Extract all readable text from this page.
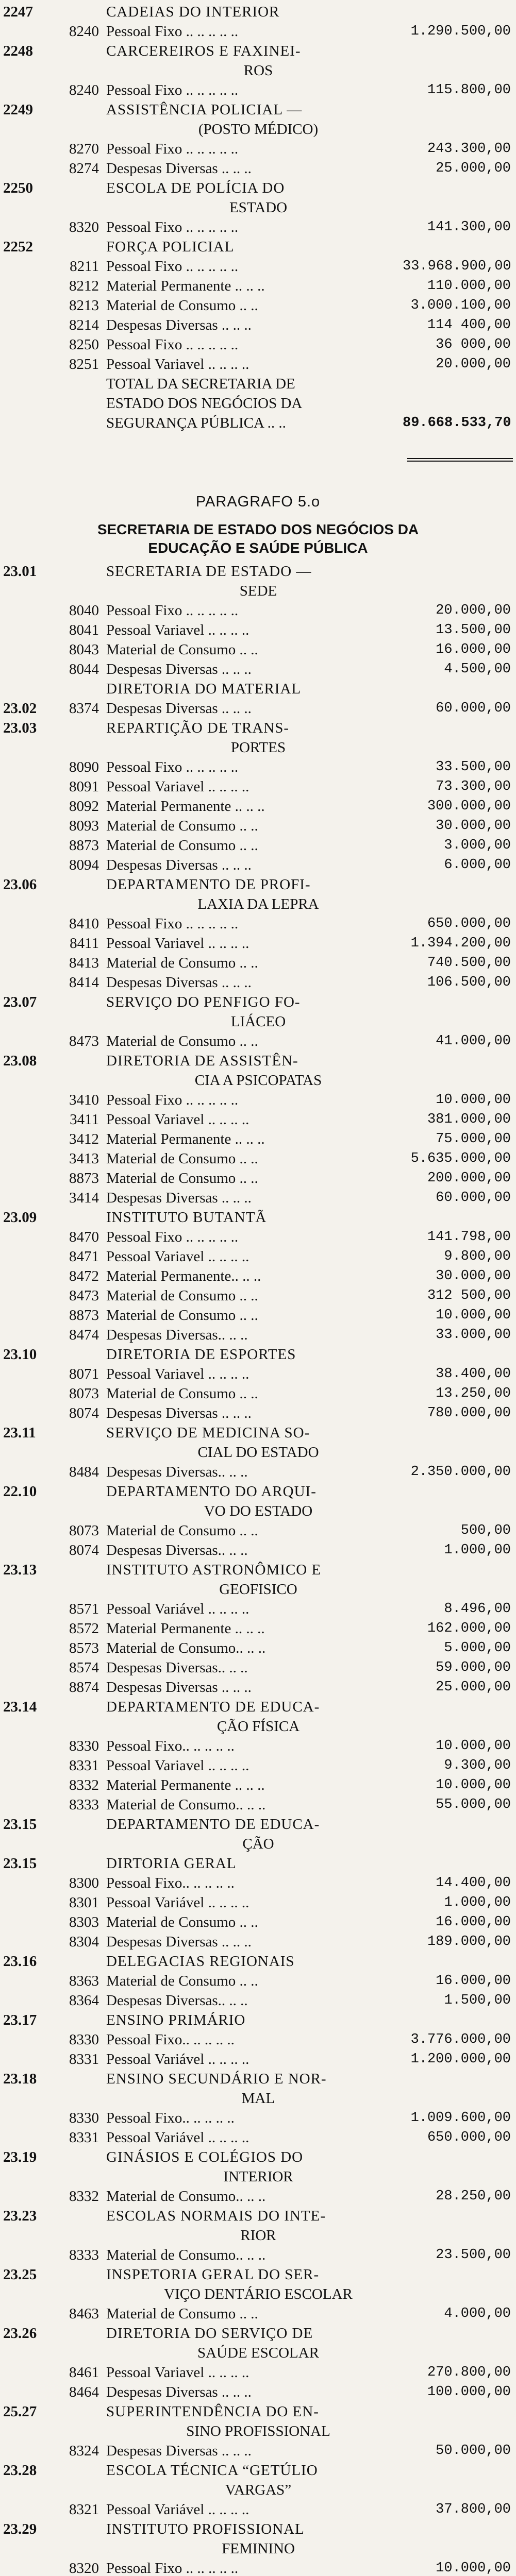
2247	CADEIAS DO INTERIOR
8240 Pessoal Fixo .. .. .. .. ..	1.290.500,00
2248	CARCEREIROS E FAXINEI-
ROS
8240 Pessoal Fixo .. .. .. .. ..	115.800,00
2249	ASSISTÊNCIA POLICIAL —
(POSTO MÉDICO)
8270 Pessoal Fixo .. .. .. .. ..	243.300,00
8274 Despesas Diversas .. .. ..	25.000,00
2250	ESCOLA DE POLÍCIA DO
ESTADO
8320 Pessoal Fixo .. .. .. .. ..	141.300,00
2252	FORÇA POLICIAL
8211 Pessoal Fixo .. .. .. .. ..	33.968.900,00
8212 Material Permanente .. .. ..	110.000,00
8213 Material de Consumo .. ..	3.000.100,00
8214 Despesas Diversas .. .. ..	114 400,00
8250 Pessoal Fixo .. .. .. .. ..	36 000,00
8251 Pessoal Variavel .. .. .. ..	20.000,00
TOTAL DA SECRETARIA DE
ESTADO DOS NEGÓCIOS DA
SEGURANÇA PÚBLICA .. ..	89.668.533,70
PARAGRAFO 5.o
SECRETARIA DE ESTADO DOS NEGÓCIOS DA
EDUCAÇÃO E SAÚDE PÚBLICA
23.01	SECRETARIA DE ESTADO —
SEDE
8040 Pessoal Fixo .. .. .. .. ..	20.000,00
8041 Pessoal Variavel .. .. .. ..	13.500,00
8043 Material de Consumo .. ..	16.000,00
8044 Despesas Diversas .. .. ..	4.500,00
DIRETORIA DO MATERIAL
23.02	8374 Despesas Diversas .. .. ..	60.000,00
23.03	REPARTIÇÃO DE TRANS-
PORTES
8090 Pessoal Fixo .. .. .. .. ..	33.500,00
8091 Pessoal Variavel .. .. .. ..	73.300,00
8092 Material Permanente .. .. ..	300.000,00
8093 Material de Consumo .. ..	30.000,00
8873 Material de Consumo .. ..	3.000,00
8094 Despesas Diversas .. .. ..	6.000,00
23.06	DEPARTAMENTO DE PROFI-
LAXIA DA LEPRA
8410 Pessoal Fixo .. .. .. .. ..	650.000,00
8411 Pessoal Variavel .. .. .. ..	1.394.200,00
8413 Material de Consumo .. ..	740.500,00
8414 Despesas Diversas .. .. ..	106.500,00
23.07	SERVIÇO DO PENFIGO FO-
LIÁCEO
8473 Material de Consumo .. ..	41.000,00
23.08	DIRETORIA DE ASSISTÊN-
CIA A PSICOPATAS
3410 Pessoal Fixo .. .. .. .. ..	10.000,00
3411 Pessoal Variavel .. .. .. ..	381.000,00
3412 Material Permanente .. .. ..	75.000,00
3413 Material de Consumo .. ..	5.635.000,00
8873 Material de Consumo .. ..	200.000,00
3414 Despesas Diversas .. .. ..	60.000,00
23.09	INSTITUTO BUTANTÃ
8470 Pessoal Fixo .. .. .. .. ..	141.798,00
8471 Pessoal Variavel .. .. .. ..	9.800,00
8472 Material Permanente.. .. ..	30.000,00
8473 Material de Consumo .. ..	312 500,00
8873 Material de Consumo .. ..	10.000,00
8474 Despesas Diversas.. .. ..	33.000,00
23.10	DIRETORIA DE ESPORTES
8071 Pessoal Variavel .. .. .. ..	38.400,00
8073 Material de Consumo .. ..	13.250,00
8074 Despesas Diversas .. .. ..	780.000,00
23.11	SERVIÇO DE MEDICINA SO-
CIAL DO ESTADO
8484 Despesas Diversas.. .. ..	2.350.000,00
22.10	DEPARTAMENTO DO ARQUI-
VO DO ESTADO
8073 Material de Consumo .. ..	500,00
8074 Despesas Diversas.. .. ..	1.000,00
23.13	INSTITUTO ASTRONÔMICO E
GEOFISICO
8571 Pessoal Variável .. .. .. ..	8.496,00
8572 Material Permanente .. .. ..	162.000,00
8573 Material de Consumo.. .. ..	5.000,00
8574 Despesas Diversas.. .. ..	59.000,00
8874 Despesas Diversas .. .. ..	25.000,00
23.14	DEPARTAMENTO DE EDUCA-
ÇÃO FÍSICA
8330 Pessoal Fixo.. .. .. .. ..	10.000,00
8331 Pessoal Variavel .. .. .. ..	9.300,00
8332 Material Permanente .. .. ..	10.000,00
8333 Material de Consumo.. .. ..	55.000,00
23.15	DEPARTAMENTO DE EDUCA-
ÇÃO
23.15	DIRTORIA GERAL
8300 Pessoal Fixo.. .. .. .. ..	14.400,00
8301 Pessoal Variável .. .. .. ..	1.000,00
8303 Material de Consumo .. ..	16.000,00
8304 Despesas Diversas .. .. ..	189.000,00
23.16	DELEGACIAS REGIONAIS
8363 Material de Consumo .. ..	16.000,00
8364 Despesas Diversas.. .. ..	1.500,00
23.17	ENSINO PRIMÁRIO
8330 Pessoal Fixo.. .. .. .. ..	3.776.000,00
8331 Pessoal Variável .. .. .. ..	1.200.000,00
23.18	ENSINO SECUNDÁRIO E NOR-
MAL
8330 Pessoal Fixo.. .. .. .. ..	1.009.600,00
8331 Pessoal Variável .. .. .. ..	650.000,00
23.19	GINÁSIOS E COLÉGIOS DO
INTERIOR
8332 Material de Consumo.. .. ..	28.250,00
23.23	ESCOLAS NORMAIS DO INTE-
RIOR
8333 Material de Consumo.. .. ..	23.500,00
23.25	INSPETORIA GERAL DO SER-
VIÇO DENTÁRIO ESCOLAR
8463 Material de Consumo .. ..	4.000,00
23.26	DIRETORIA DO SERVIÇO DE
SAÚDE ESCOLAR
8461 Pessoal Variavel .. .. .. ..	270.800,00
8464 Despesas Diversas .. .. ..	100.000,00
25.27	SUPERINTENDÊNCIA DO EN-
SINO PROFISSIONAL
8324 Despesas Diversas .. .. ..	50.000,00
23.28	ESCOLA TÉCNICA “GETÚLIO
VARGAS”
8321 Pessoal Variável .. .. .. ..	37.800,00
23.29	INSTITUTO PROFISSIONAL
FEMININO
8320 Pessoal Fixo .. .. .. .. ..	10.000,00
